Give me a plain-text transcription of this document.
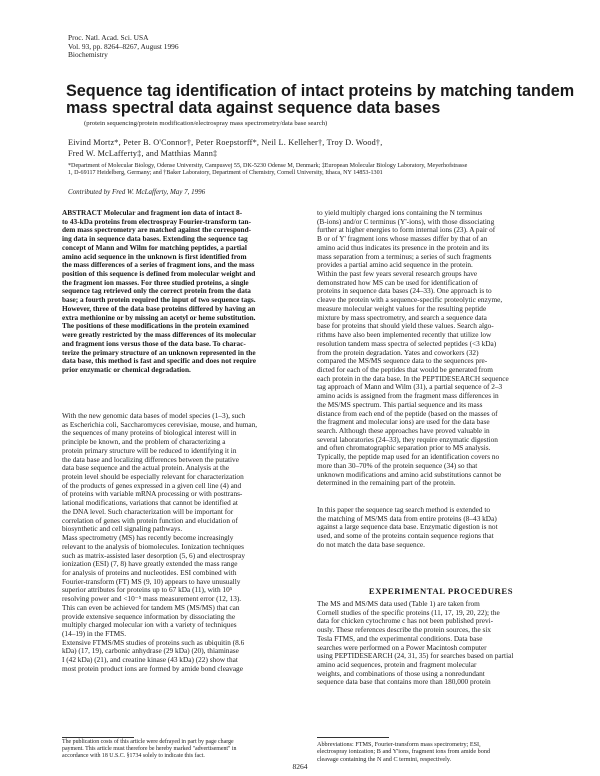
Proc. Natl. Acad. Sci. USA
Vol. 93, pp. 8264–8267, August 1996
Biochemistry
Sequence tag identification of intact proteins by matching tandem
mass spectral data against sequence data bases
(protein sequencing/protein modification/electrospray mass spectrometry/data base search)
Eivind Mortz*, Peter B. O'Connor†, Peter Roepstorff*, Neil L. Kelleher†, Troy D. Wood†,
Fred W. McLafferty‡, and Matthias Mann‡
*Department of Molecular Biology, Odense University, Campusvej 55, DK-5230 Odense M, Denmark; ‡European Molecular Biology Laboratory, Meyerhofstrasse
1, D-69117 Heidelberg, Germany; and †Baker Laboratory, Department of Chemistry, Cornell University, Ithaca, NY 14853-1301
Contributed by Fred W. McLafferty, May 7, 1996
ABSTRACT Molecular and fragment ion data of intact 8-
to 43-kDa proteins from electrospray Fourier-transform tan-
dem mass spectrometry are matched against the correspond-
ing data in sequence data bases. Extending the sequence tag
concept of Mann and Wilm for matching peptides, a partial
amino acid sequence in the unknown is first identified from
the mass differences of a series of fragment ions, and the mass
position of this sequence is defined from molecular weight and
the fragment ion masses. For three studied proteins, a single
sequence tag retrieved only the correct protein from the data
base; a fourth protein required the input of two sequence tags.
However, three of the data base proteins differed by having an
extra methionine or by missing an acetyl or heme substitution.
The positions of these modifications in the protein examined
were greatly restricted by the mass differences of its molecular
and fragment ions versus those of the data base. To charac-
terize the primary structure of an unknown represented in the
data base, this method is fast and specific and does not require
prior enzymatic or chemical degradation.
With the new genomic data bases of model species (1–3), such
as Escherichia coli, Saccharomyces cerevisiae, mouse, and human,
the sequences of many proteins of biological interest will in
principle be known, and the problem of characterizing a
protein primary structure will be reduced to identifying it in
the data base and localizing differences between the putative
data base sequence and the actual protein. Analysis at the
protein level should be especially relevant for characterization
of the products of genes expressed in a given cell line (4) and
of proteins with variable mRNA processing or with posttrans-
lational modifications, variations that cannot be identified at
the DNA level. Such characterization will be important for
correlation of genes with protein function and elucidation of
biosynthetic and cell signaling pathways.
Mass spectrometry (MS) has recently become increasingly
relevant to the analysis of biomolecules. Ionization techniques
such as matrix-assisted laser desorption (5, 6) and electrospray
ionization (ESI) (7, 8) have greatly extended the mass range
for analysis of proteins and nucleotides. ESI combined with
Fourier-transform (FT) MS (9, 10) appears to have unusually
superior attributes for proteins up to 67 kDa (11), with 10⁵
resolving power and <10⁻⁵ mass measurement error (12, 13).
This can even be achieved for tandem MS (MS/MS) that can
provide extensive sequence information by dissociating the
multiply charged molecular ion with a variety of techniques
(14–19) in the FTMS.
Extensive FTMS/MS studies of proteins such as ubiquitin (8.6
kDa) (17, 19), carbonic anhydrase (29 kDa) (20), thiaminase
I (42 kDa) (21), and creatine kinase (43 kDa) (22) show that
most protein product ions are formed by amide bond cleavage
to yield multiply charged ions containing the N terminus
(B-ions) and/or C terminus (Y'-ions), with those dissociating
further at higher energies to form internal ions (23). A pair of
B or of Y' fragment ions whose masses differ by that of an
amino acid thus indicates its presence in the protein and its
mass separation from a terminus; a series of such fragments
provides a partial amino acid sequence in the protein.
Within the past few years several research groups have
demonstrated how MS can be used for identification of
proteins in sequence data bases (24–33). One approach is to
cleave the protein with a sequence-specific proteolytic enzyme,
measure molecular weight values for the resulting peptide
mixture by mass spectrometry, and search a sequence data
base for proteins that should yield these values. Search algo-
rithms have also been implemented recently that utilize low
resolution tandem mass spectra of selected peptides (<3 kDa)
from the protein degradation. Yates and coworkers (32)
compared the MS/MS sequence data to the sequences pre-
dicted for each of the peptides that would be generated from
each protein in the data base. In the PEPTIDESEARCH sequence
tag approach of Mann and Wilm (31), a partial sequence of 2–3
amino acids is assigned from the fragment mass differences in
the MS/MS spectrum. This partial sequence and its mass
distance from each end of the peptide (based on the masses of
the fragment and molecular ions) are used for the data base
search. Although these approaches have proved valuable in
several laboratories (24–33), they require enzymatic digestion
and often chromatographic separation prior to MS analysis.
Typically, the peptide map used for an identification covers no
more than 30–70% of the protein sequence (34) so that
unknown modifications and amino acid substitutions cannot be
determined in the remaining part of the protein.
In this paper the sequence tag search method is extended to
the matching of MS/MS data from entire proteins (8–43 kDa)
against a large sequence data base. Enzymatic digestion is not
used, and some of the proteins contain sequence regions that
do not match the data base sequence.
EXPERIMENTAL PROCEDURES
The MS and MS/MS data used (Table 1) are taken from
Cornell studies of the specific proteins (11, 17, 19, 20, 22); the
data for chicken cytochrome c has not been published previ-
ously. These references describe the protein sources, the six
Tesla FTMS, and the experimental conditions. Data base
searches were performed on a Power Macintosh computer
using PEPTIDESEARCH (24, 31, 35) for searches based on partial
amino acid sequences, protein and fragment molecular
weights, and combinations of those using a nonredundant
sequence data base that contains more than 180,000 protein
The publication costs of this article were defrayed in part by page charge
payment. This article must therefore be hereby marked "advertisement" in
accordance with 18 U.S.C. §1734 solely to indicate this fact.
Abbreviations: FTMS, Fourier-transform mass spectrometry; ESI,
electrospray ionization; B and Y'ions, fragment ions from amide bond
cleavage containing the N and C termini, respectively.
8264
